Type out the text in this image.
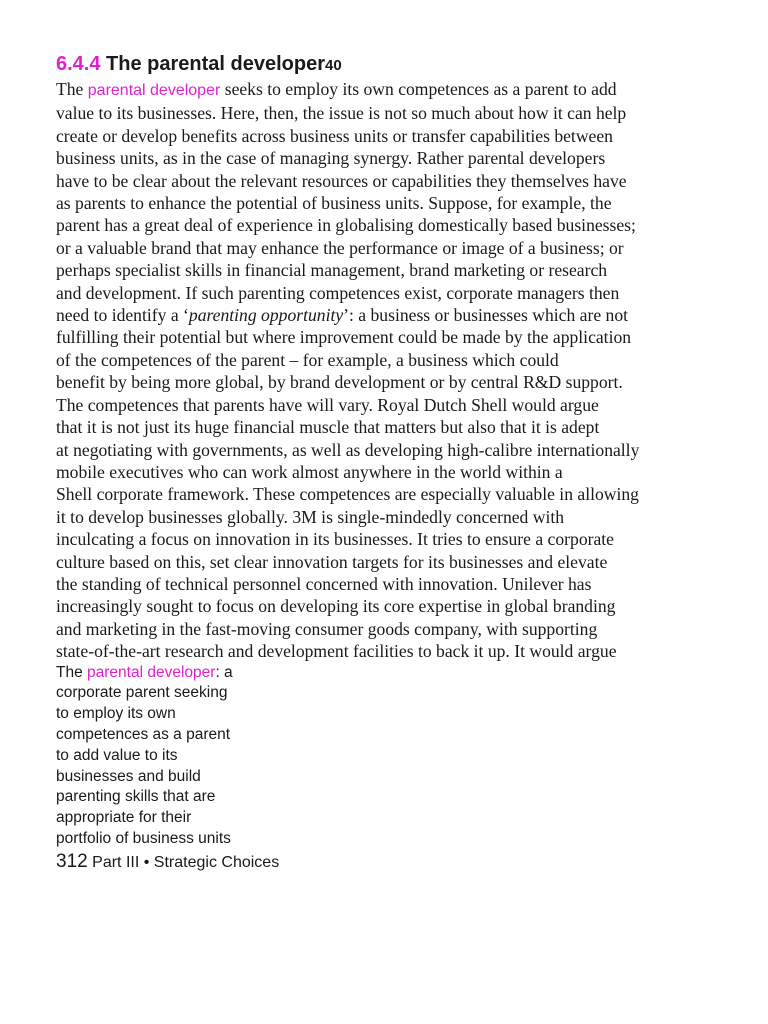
6.4.4 The parental developer40

The parental developer seeks to employ its own competences as a parent to add
value to its businesses. Here, then, the issue is not so much about how it can help
create or develop benefits across business units or transfer capabilities between
business units, as in the case of managing synergy. Rather parental developers
have to be clear about the relevant resources or capabilities they themselves have
as parents to enhance the potential of business units. Suppose, for example, the
parent has a great deal of experience in globalising domestically based businesses;
or a valuable brand that may enhance the performance or image of a business; or
perhaps specialist skills in financial management, brand marketing or research
and development. If such parenting competences exist, corporate managers then
need to identify a ‘parenting opportunity’: a business or businesses which are not
fulfilling their potential but where improvement could be made by the application
of the competences of the parent – for example, a business which could
benefit by being more global, by brand development or by central R&D support.
The competences that parents have will vary. Royal Dutch Shell would argue
that it is not just its huge financial muscle that matters but also that it is adept
at negotiating with governments, as well as developing high-calibre internationally
mobile executives who can work almost anywhere in the world within a
Shell corporate framework. These competences are especially valuable in allowing
it to develop businesses globally. 3M is single-mindedly concerned with
inculcating a focus on innovation in its businesses. It tries to ensure a corporate
culture based on this, set clear innovation targets for its businesses and elevate
the standing of technical personnel concerned with innovation. Unilever has
increasingly sought to focus on developing its core expertise in global branding
and marketing in the fast-moving consumer goods company, with supporting
state-of-the-art research and development facilities to back it up. It would argue

The parental developer: a
corporate parent seeking
to employ its own
competences as a parent
to add value to its
businesses and build
parenting skills that are
appropriate for their
portfolio of business units

312 Part III • Strategic Choices
